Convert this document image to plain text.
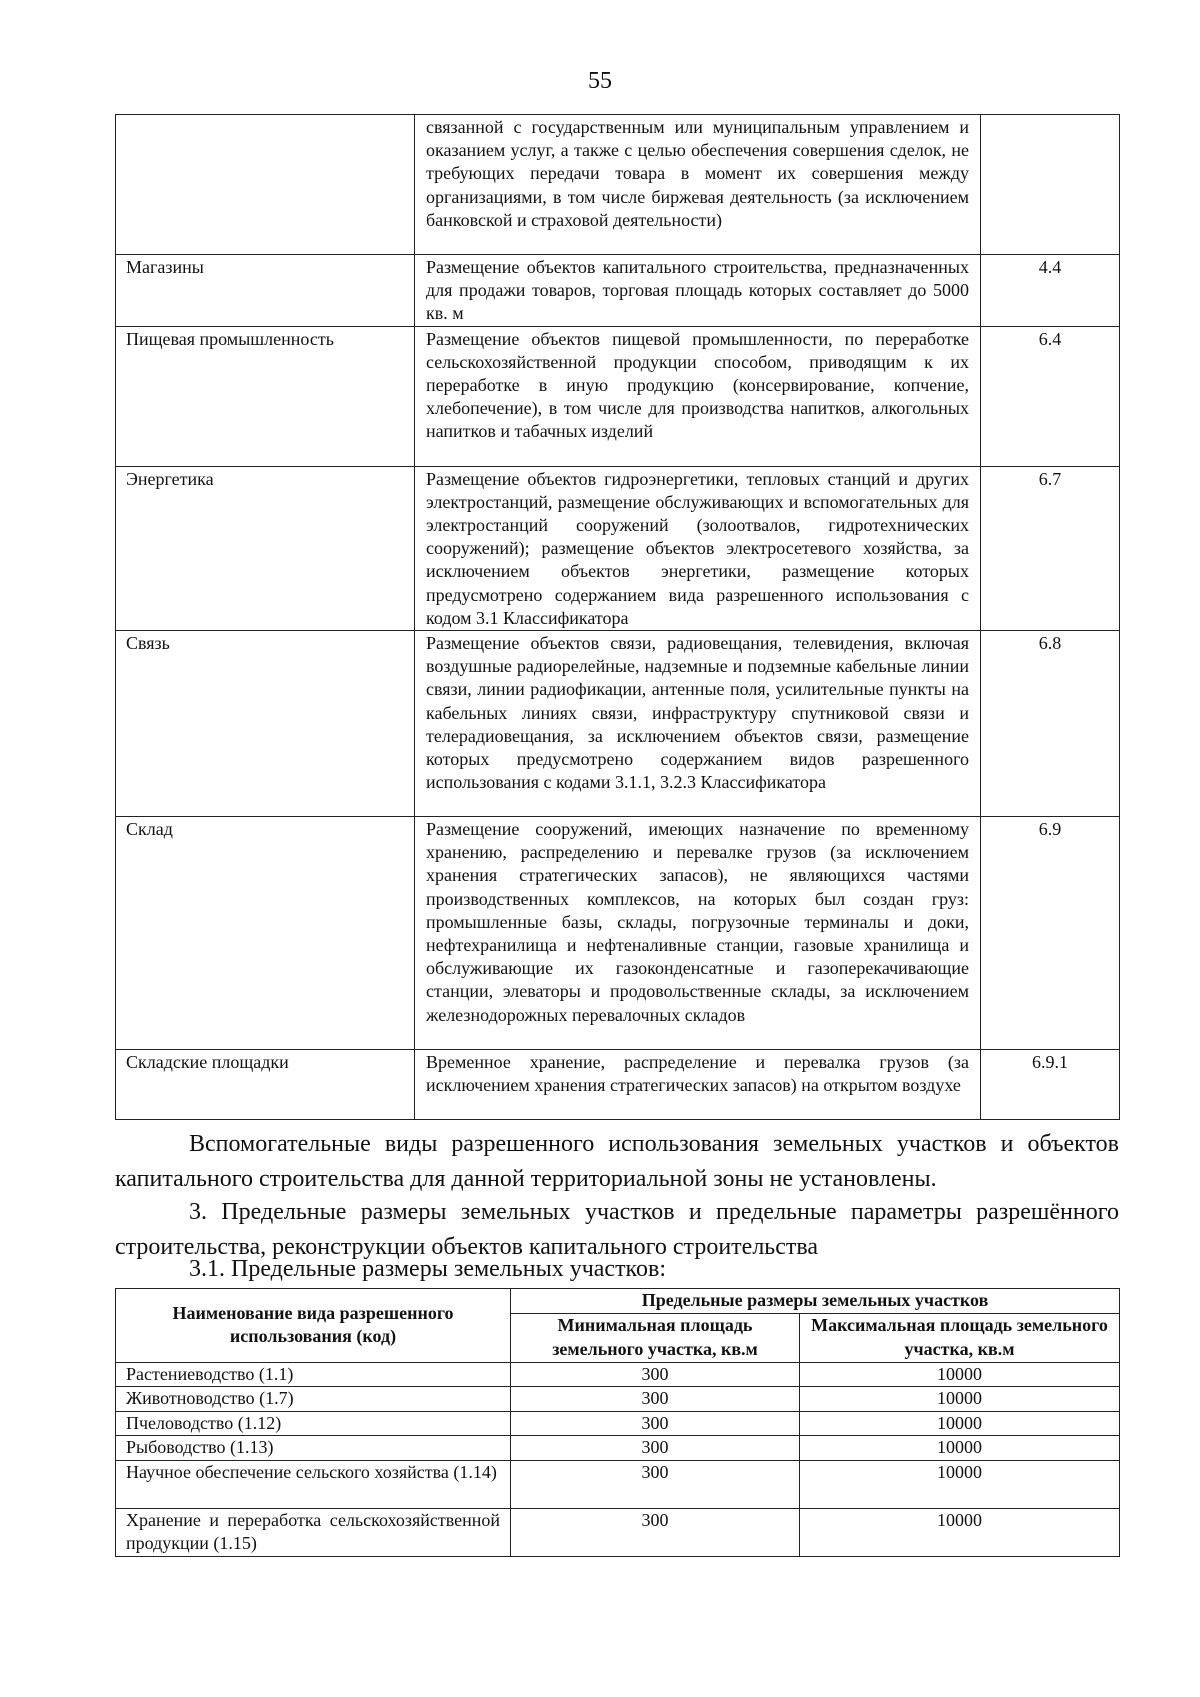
55
	связанной с государственным или муниципальным управлением и оказанием услуг, а также с целью обеспечения совершения сделок, не требующих передачи товара в момент их совершения между организациями, в том числе биржевая деятельность (за исключением банковской и страховой деятельности)	
Магазины	Размещение объектов капитального строительства, предназначенных для продажи товаров, торговая площадь которых составляет до 5000 кв. м	4.4
Пищевая промышленность	Размещение объектов пищевой промышленности, по переработке сельскохозяйственной продукции способом, приводящим к их переработке в иную продукцию (консервирование, копчение, хлебопечение), в том числе для производства напитков, алкогольных напитков и табачных изделий	6.4
Энергетика	Размещение объектов гидроэнергетики, тепловых станций и других электростанций, размещение обслуживающих и вспомогательных для электростанций сооружений (золоотвалов, гидротехнических сооружений); размещение объектов электросетевого хозяйства, за исключением объектов энергетики, размещение которых предусмотрено содержанием вида разрешенного использования с кодом 3.1 Классификатора	6.7
Связь	Размещение объектов связи, радиовещания, телевидения, включая воздушные радиорелейные, надземные и подземные кабельные линии связи, линии радиофикации, антенные поля, усилительные пункты на кабельных линиях связи, инфраструктуру спутниковой связи и телерадиовещания, за исключением объектов связи, размещение которых предусмотрено содержанием видов разрешенного использования с кодами 3.1.1, 3.2.3 Классификатора	6.8
Склад	Размещение сооружений, имеющих назначение по временному хранению, распределению и перевалке грузов (за исключением хранения стратегических запасов), не являющихся частями производственных комплексов, на которых был создан груз: промышленные базы, склады, погрузочные терминалы и доки, нефтехранилища и нефтеналивные станции, газовые хранилища и обслуживающие их газоконденсатные и газоперекачивающие станции, элеваторы и продовольственные склады, за исключением железнодорожных перевалочных складов	6.9
Складские площадки	Временное хранение, распределение и перевалка грузов (за исключением хранения стратегических запасов) на открытом воздухе	6.9.1
Вспомогательные виды разрешенного использования земельных участков и объектов капитального строительства для данной территориальной зоны не установлены.
3. Предельные размеры земельных участков и предельные параметры разрешённого строительства, реконструкции объектов капитального строительства
3.1. Предельные размеры земельных участков:
Наименование вида разрешенного использования (код)	Предельные размеры земельных участков	
	Минимальная площадь земельного участка, кв.м	Максимальная площадь земельного участка, кв.м
Растениеводство (1.1)	300	10000
Животноводство (1.7)	300	10000
Пчеловодство (1.12)	300	10000
Рыбоводство (1.13)	300	10000
Научное обеспечение сельского хозяйства (1.14)	300	10000
Хранение и переработка сельскохозяйственной продукции (1.15)	300	10000
